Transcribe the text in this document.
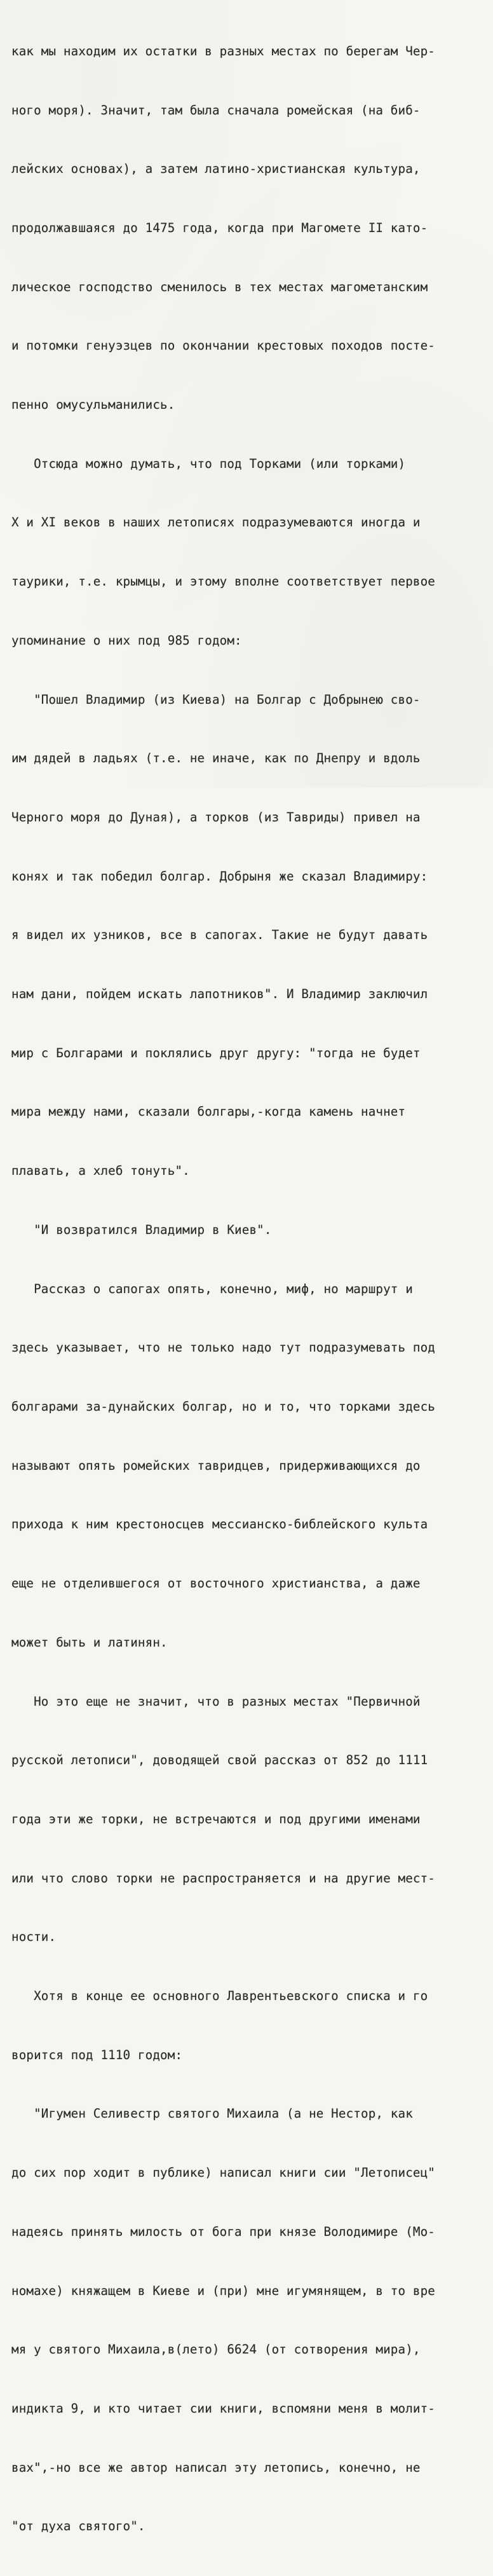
как мы находим их остатки в разных местах по берегам Чер-

ного моря). Значит, там была сначала ромейская (на биб-

лейских основах), а затем латино-христианская культура,

продолжавшаяся до 1475 года, когда при Магомете II като-

лическое господство сменилось в тех местах магометанским

и потомки генуэзцев по окончании крестовых походов посте-

пенно омусульманились.

Отсюда можно думать, что под Торками (или торками)

X и XI веков в наших летописях подразумеваются иногда и

таурики, т.е. крымцы, и этому вполне соответствует первое

упоминание о них под 985 годом:

"Пошел Владимир (из Киева) на Болгар с Добрынею сво-

им дядей в ладьях (т.е. не иначе, как по Днепру и вдоль

Черного моря до Дуная), а торков (из Тавриды) привел на

конях и так победил болгар. Добрыня же сказал Владимиру:

я видел их узников, все в сапогах. Такие не будут давать

нам дани, пойдем искать лапотников". И Владимир заключил

мир с Болгарами и поклялись друг другу: "тогда не будет

мира между нами, сказали болгары,-когда камень начнет

плавать, а хлеб тонуть".

"И возвратился Владимир в Киев".

Рассказ о сапогах опять, конечно, миф, но маршрут и

здесь указывает, что не только надо тут подразумевать под

болгарами за-дунайских болгар, но и то, что торками здесь

называют опять ромейских тавридцев, придерживающихся до

прихода к ним крестоносцев мессианско-библейского культа

еще не отделившегося от восточного христианства, а даже

может быть и латинян.

Но это еще не значит, что в разных местах "Первичной

русской летописи", доводящей свой рассказ от 852 до 1111

года эти же торки, не встречаются и под другими именами

или что слово торки не распространяется и на другие мест-

ности.

Хотя в конце ее основного Лаврентьевского списка и го

ворится под 1110 годом:

"Игумен Селивестр святого Михаила (а не Нестор, как

до сих пор ходит в публике) написал книги сии "Летописец"

надеясь принять милость от бога при князе Володимире (Мо-

номахе) княжащем в Киеве и (при) мне игумянящем, в то вре

мя у святого Михаила,в(лето) 6624 (от сотворения мира),

индикта 9, и кто читает сии книги, вспомяни меня в молит-

вах",-но все же автор написал эту летопись, конечно, не

"от духа святого".
